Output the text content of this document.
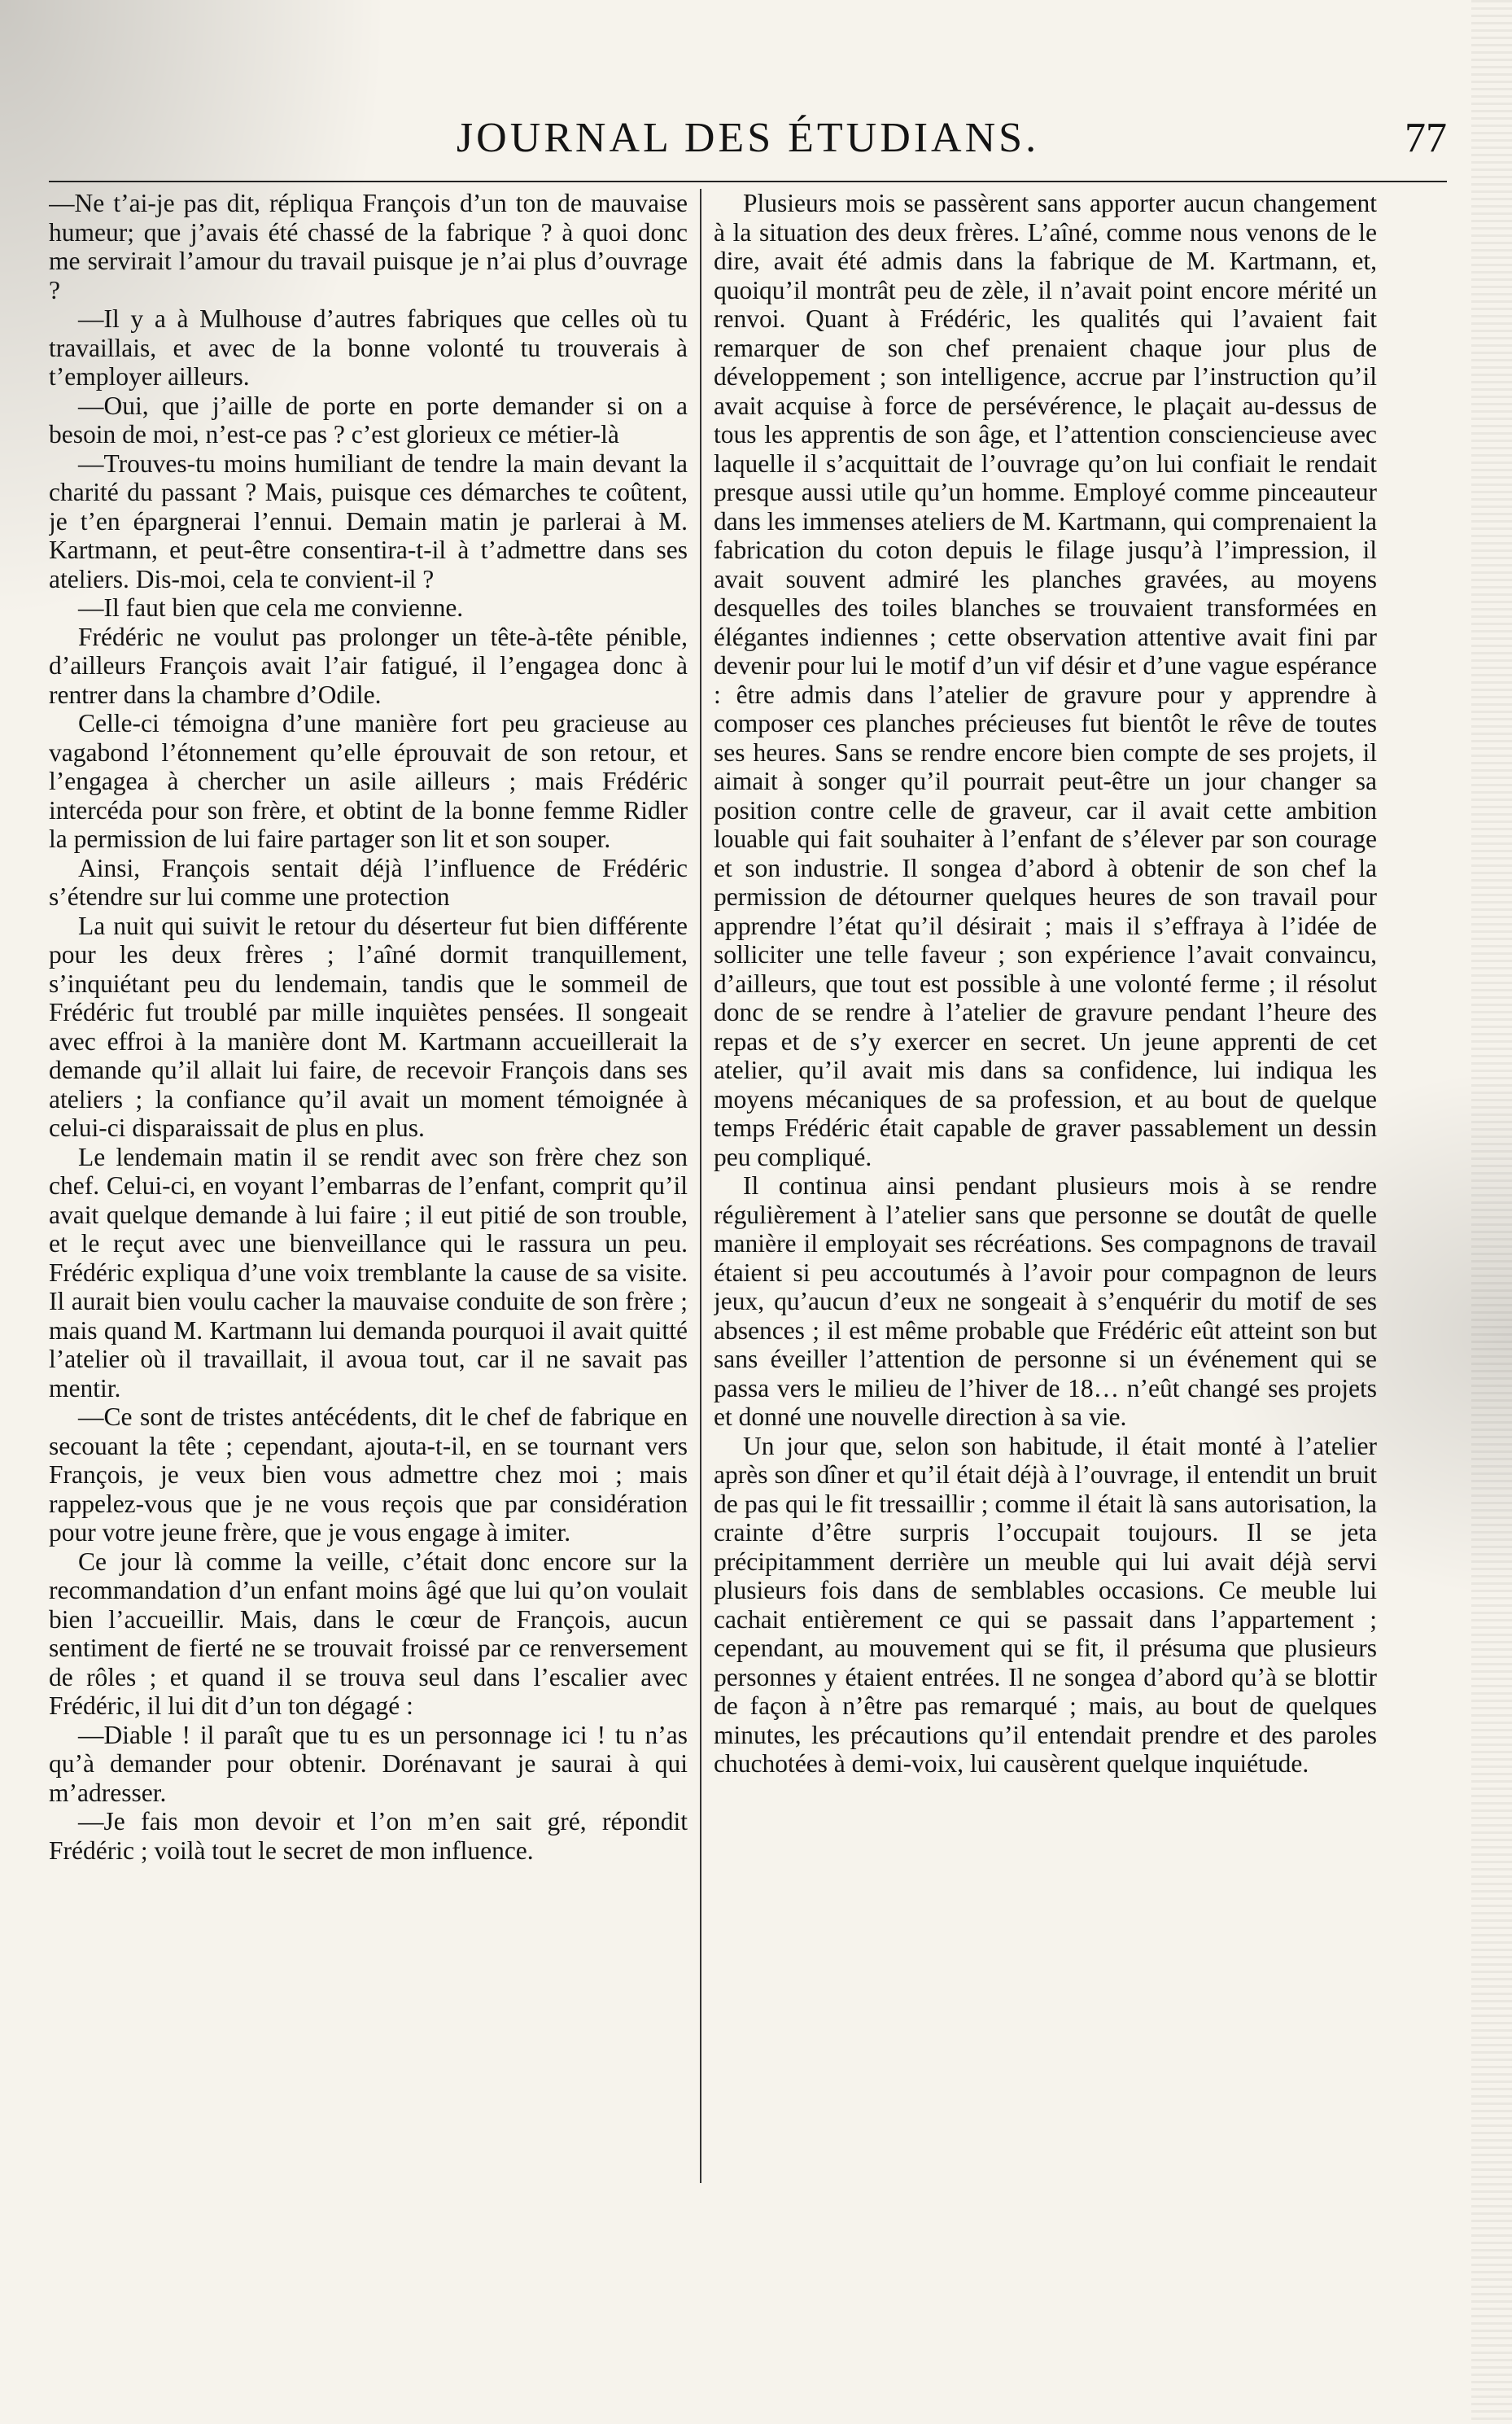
JOURNAL DES ÉTUDIANS.	77

—Ne t’ai-je pas dit, répliqua François d’un ton de mauvaise humeur; que j’avais été chassé de la fabrique ? à quoi donc me servirait l’amour du travail puisque je n’ai plus d’ouvrage ?

—Il y a à Mulhouse d’autres fabriques que celles où tu travaillais, et avec de la bonne volonté tu trouverais à t’employer ailleurs.

—Oui, que j’aille de porte en porte demander si on a besoin de moi, n’est-ce pas ? c’est glorieux ce métier-là

—Trouves-tu moins humiliant de tendre la main devant la charité du passant ? Mais, puisque ces démarches te coûtent, je t’en épargnerai l’ennui. Demain matin je parlerai à M. Kartmann, et peut-être consentira-t-il à t’admettre dans ses ateliers. Dis-moi, cela te convient-il ?

—Il faut bien que cela me convienne.

Frédéric ne voulut pas prolonger un tête-à-tête pénible, d’ailleurs François avait l’air fatigué, il l’engagea donc à rentrer dans la chambre d’Odile.

Celle-ci témoigna d’une manière fort peu gracieuse au vagabond l’étonnement qu’elle éprouvait de son retour, et l’engagea à chercher un asile ailleurs ; mais Frédéric intercéda pour son frère, et obtint de la bonne femme Ridler la permission de lui faire partager son lit et son souper.

Ainsi, François sentait déjà l’influence de Frédéric s’étendre sur lui comme une protection

La nuit qui suivit le retour du déserteur fut bien différente pour les deux frères ; l’aîné dormit tranquillement, s’inquiétant peu du lendemain, tandis que le sommeil de Frédéric fut troublé par mille inquiètes pensées. Il songeait avec effroi à la manière dont M. Kartmann accueillerait la demande qu’il allait lui faire, de recevoir François dans ses ateliers ; la confiance qu’il avait un moment témoignée à celui-ci disparaissait de plus en plus.

Le lendemain matin il se rendit avec son frère chez son chef. Celui-ci, en voyant l’embarras de l’enfant, comprit qu’il avait quelque demande à lui faire ; il eut pitié de son trouble, et le reçut avec une bienveillance qui le rassura un peu. Frédéric expliqua d’une voix tremblante la cause de sa visite. Il aurait bien voulu cacher la mauvaise conduite de son frère ; mais quand M. Kartmann lui demanda pourquoi il avait quitté l’atelier où il travaillait, il avoua tout, car il ne savait pas mentir.

—Ce sont de tristes antécédents, dit le chef de fabrique en secouant la tête ; cependant, ajouta-t-il, en se tournant vers François, je veux bien vous admettre chez moi ; mais rappelez-vous que je ne vous reçois que par considération pour votre jeune frère, que je vous engage à imiter.

Ce jour là comme la veille, c’était donc encore sur la recommandation d’un enfant moins âgé que lui qu’on voulait bien l’accueillir. Mais, dans le cœur de François, aucun sentiment de fierté ne se trouvait froissé par ce renversement de rôles ; et quand il se trouva seul dans l’escalier avec Frédéric, il lui dit d’un ton dégagé :

—Diable ! il paraît que tu es un personnage ici ! tu n’as qu’à demander pour obtenir. Dorénavant je saurai à qui m’adresser.

—Je fais mon devoir et l’on m’en sait gré, répondit Frédéric ; voilà tout le secret de mon influence.

Plusieurs mois se passèrent sans apporter aucun changement à la situation des deux frères. L’aîné, comme nous venons de le dire, avait été admis dans la fabrique de M. Kartmann, et, quoiqu’il montrât peu de zèle, il n’avait point encore mérité un renvoi. Quant à Frédéric, les qualités qui l’avaient fait remarquer de son chef prenaient chaque jour plus de développement ; son intelligence, accrue par l’instruction qu’il avait acquise à force de persévérence, le plaçait au-dessus de tous les apprentis de son âge, et l’attention consciencieuse avec laquelle il s’acquittait de l’ouvrage qu’on lui confiait le rendait presque aussi utile qu’un homme. Employé comme pinceauteur dans les immenses ateliers de M. Kartmann, qui comprenaient la fabrication du coton depuis le filage jusqu’à l’impression, il avait souvent admiré les planches gravées, au moyens desquelles des toiles blanches se trouvaient transformées en élégantes indiennes ; cette observation attentive avait fini par devenir pour lui le motif d’un vif désir et d’une vague espérance : être admis dans l’atelier de gravure pour y apprendre à composer ces planches précieuses fut bientôt le rêve de toutes ses heures. Sans se rendre encore bien compte de ses projets, il aimait à songer qu’il pourrait peut-être un jour changer sa position contre celle de graveur, car il avait cette ambition louable qui fait souhaiter à l’enfant de s’élever par son courage et son industrie. Il songea d’abord à obtenir de son chef la permission de détourner quelques heures de son travail pour apprendre l’état qu’il désirait ; mais il s’effraya à l’idée de solliciter une telle faveur ; son expérience l’avait convaincu, d’ailleurs, que tout est possible à une volonté ferme ; il résolut donc de se rendre à l’atelier de gravure pendant l’heure des repas et de s’y exercer en secret. Un jeune apprenti de cet atelier, qu’il avait mis dans sa confidence, lui indiqua les moyens mécaniques de sa profession, et au bout de quelque temps Frédéric était capable de graver passablement un dessin peu compliqué.

Il continua ainsi pendant plusieurs mois à se rendre régulièrement à l’atelier sans que personne se doutât de quelle manière il employait ses récréations. Ses compagnons de travail étaient si peu accoutumés à l’avoir pour compagnon de leurs jeux, qu’aucun d’eux ne songeait à s’enquérir du motif de ses absences ; il est même probable que Frédéric eût atteint son but sans éveiller l’attention de personne si un événement qui se passa vers le milieu de l’hiver de 18… n’eût changé ses projets et donné une nouvelle direction à sa vie.

Un jour que, selon son habitude, il était monté à l’atelier après son dîner et qu’il était déjà à l’ouvrage, il entendit un bruit de pas qui le fit tressaillir ; comme il était là sans autorisation, la crainte d’être surpris l’occupait toujours. Il se jeta précipitamment derrière un meuble qui lui avait déjà servi plusieurs fois dans de semblables occasions. Ce meuble lui cachait entièrement ce qui se passait dans l’appartement ; cependant, au mouvement qui se fit, il présuma que plusieurs personnes y étaient entrées. Il ne songea d’abord qu’à se blottir de façon à n’être pas remarqué ; mais, au bout de quelques minutes, les précautions qu’il entendait prendre et des paroles chuchotées à demi-voix, lui causèrent quelque inquiétude.
